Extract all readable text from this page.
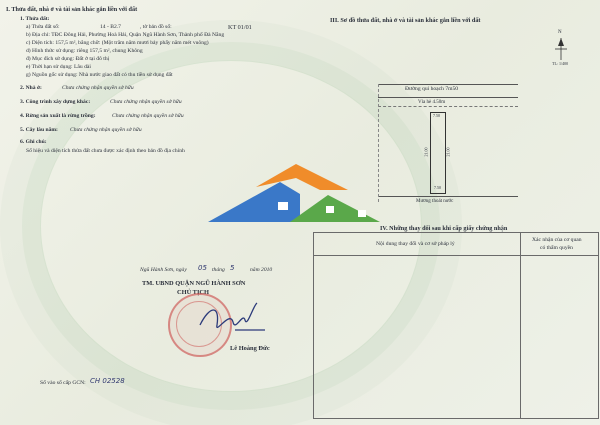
I. Thửa đất, nhà ở và tài sản khác gắn liền với đất
1. Thửa đất:
a) Thửa đất số:	14 - B2.7	, tờ bản đồ số:	KT 01/01
b) Địa chỉ: TĐC Đông Hải, Phường Hoà Hải, Quận Ngũ Hành Sơn, Thành phố Đà Nẵng
c) Diện tích: 157,5 m², bằng chữ: (Một trăm năm mươi bảy phẩy năm mét vuông)
d) Hình thức sử dụng: riêng 157,5 m², chung Không
đ) Mục đích sử dụng: Đất ở tại đô thị
e) Thời hạn sử dụng: Lâu dài
g) Nguồn gốc sử dụng: Nhà nước giao đất có thu tiền sử dụng đất
2. Nhà ở:	Chưa chứng nhận quyền sở hữu
3. Công trình xây dựng khác:	Chưa chứng nhận quyền sở hữu
4. Rừng sản xuất là rừng trồng:	Chưa chứng nhận quyền sở hữu
5. Cây lâu năm: Chưa chứng nhận quyền sở hữu
6. Ghi chú:
Số hiệu và diện tích thửa đất chưa được xác định theo bản đồ địa chính
Ngũ Hành Sơn, ngày 05 tháng 5	năm 2010
TM. UBND QUẬN NGŨ HÀNH SƠN
CHỦ TỊCH
Lê Hoàng Đức
Số vào sổ cấp GCN: CH 02528
III. Sơ đồ thửa đất, nhà ở và tài sản khác gắn liền với đất
N
TL: 1/400
Đường qui hoạch 7m50
Vỉa hè 4.50m
7.50
21.00	21.00
7.50
Mương thoát nước
IV. Những thay đổi sau khi cấp giấy chứng nhận
Nội dung thay đổi và cơ sở pháp lý
Xác nhận của cơ quan
có thẩm quyền
